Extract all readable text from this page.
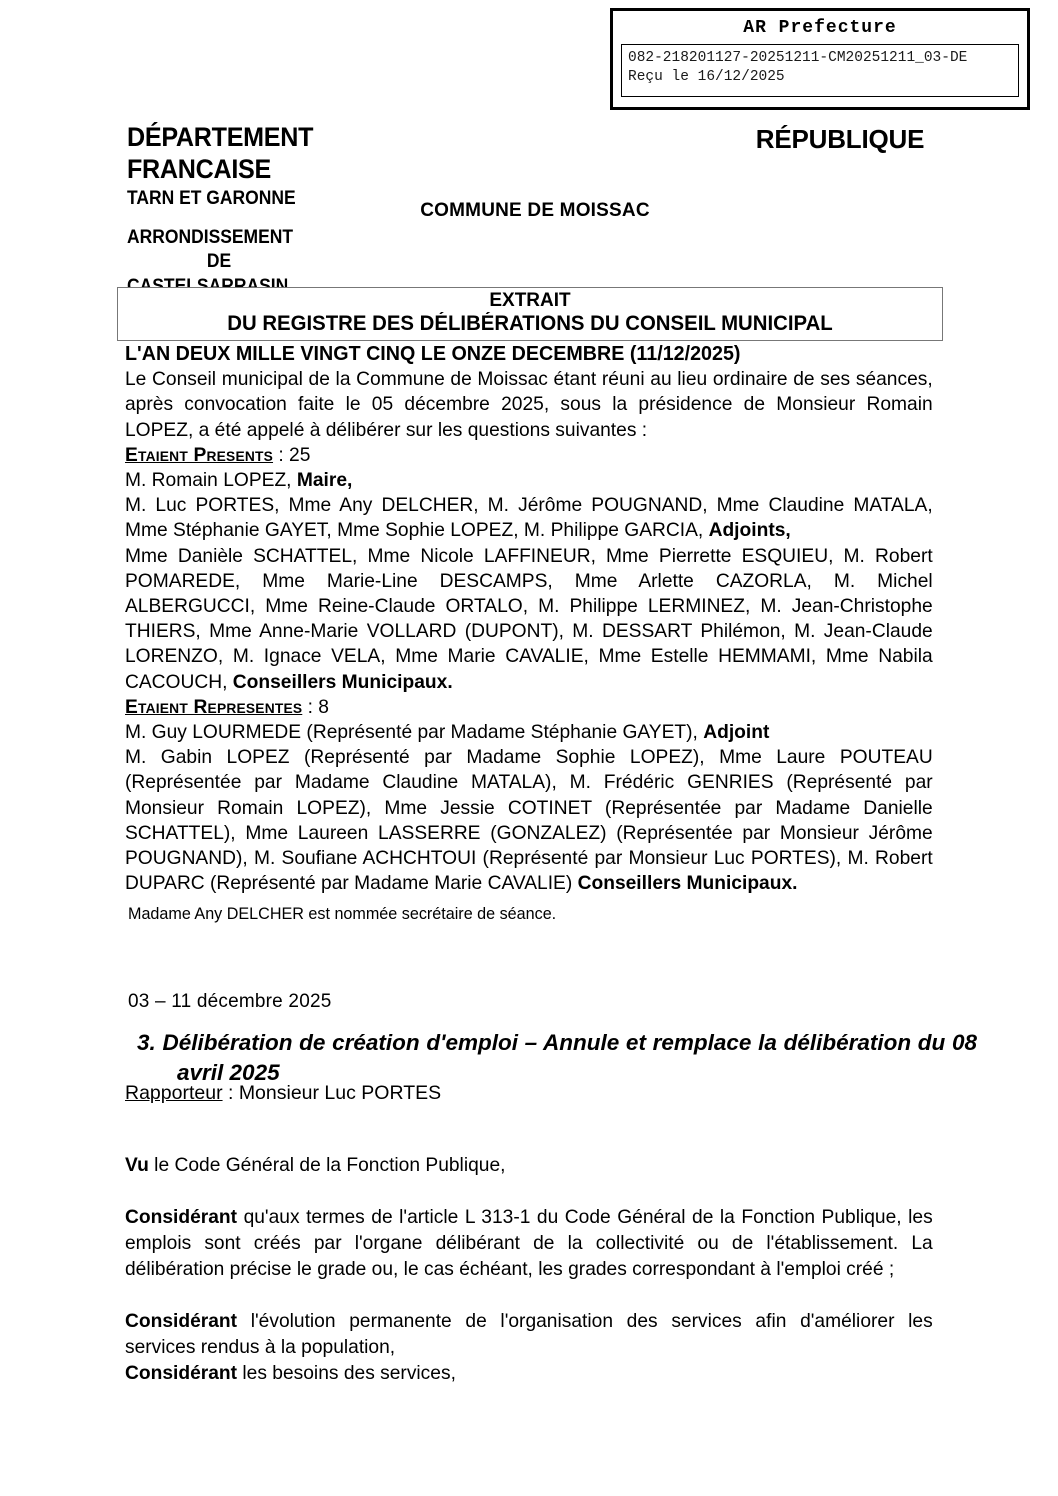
AR Prefecture
082-218201127-20251211-CM20251211_03-DE
Reçu le 16/12/2025
DÉPARTEMENT
FRANCAISE
TARN ET GARONNE
RÉPUBLIQUE
COMMUNE DE MOISSAC
ARRONDISSEMENT
DE
EXTRAIT
DU REGISTRE DES DÉLIBÉRATIONS DU CONSEIL MUNICIPAL

L'AN DEUX MILLE VINGT CINQ LE ONZE DECEMBRE (11/12/2025)

Le Conseil municipal de la Commune de Moissac étant réuni au lieu ordinaire de ses séances, après convocation faite le 05 décembre 2025, sous la présidence de Monsieur Romain LOPEZ, a été appelé à délibérer sur les questions suivantes :

Etaient Presents : 25

M. Romain LOPEZ, Maire,

M. Luc PORTES, Mme Any DELCHER, M. Jérôme POUGNAND, Mme Claudine MATALA, Mme Stéphanie GAYET, Mme Sophie LOPEZ, M. Philippe GARCIA, Adjoints,

Mme Danièle SCHATTEL, Mme Nicole LAFFINEUR, Mme Pierrette ESQUIEU, M. Robert POMAREDE, Mme Marie-Line DESCAMPS, Mme Arlette CAZORLA, M. Michel ALBERGUCCI, Mme Reine-Claude ORTALO, M. Philippe LERMINEZ, M. Jean-Christophe THIERS, Mme Anne-Marie VOLLARD (DUPONT), M. DESSART Philémon, M. Jean-Claude LORENZO, M. Ignace VELA, Mme Marie CAVALIE, Mme Estelle HEMMAMI, Mme Nabila CACOUCH, Conseillers Municipaux.

Etaient Representes : 8

M. Guy LOURMEDE (Représenté par Madame Stéphanie GAYET), Adjoint

M. Gabin LOPEZ (Représenté par Madame Sophie LOPEZ), Mme Laure POUTEAU (Représentée par Madame Claudine MATALA), M. Frédéric GENRIES (Représenté par Monsieur Romain LOPEZ), Mme Jessie COTINET (Représentée par Madame Danielle SCHATTEL), Mme Laureen LASSERRE (GONZALEZ) (Représentée par Monsieur Jérôme POUGNAND), M. Soufiane ACHCHTOUI (Représenté par Monsieur Luc PORTES), M. Robert DUPARC (Représenté par Madame Marie CAVALIE) Conseillers Municipaux.

Madame Any DELCHER est nommée secrétaire de séance.
03 – 11 décembre 2025
3. Délibération de création d'emploi – Annule et remplace la délibération du 08 avril 2025
Rapporteur : Monsieur Luc PORTES

Vu le Code Général de la Fonction Publique,

Considérant qu'aux termes de l'article L 313-1 du Code Général de la Fonction Publique, les emplois sont créés par l'organe délibérant de la collectivité ou de l'établissement. La délibération précise le grade ou, le cas échéant, les grades correspondant à l'emploi créé ;

Considérant l'évolution permanente de l'organisation des services afin d'améliorer les services rendus à la population,

Considérant les besoins des services,
